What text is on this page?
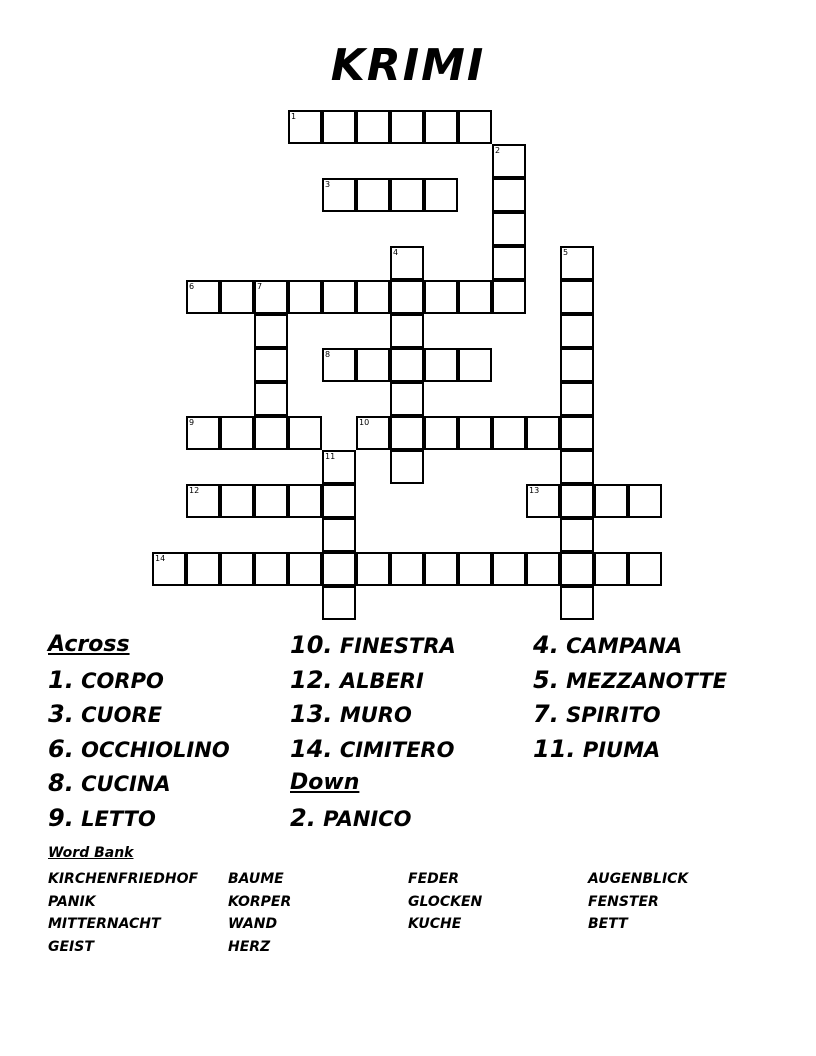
KRIMI
1
2
3
4	5
6	7
8
9	10
11
12	13
14
Across
1. CORPO
3. CUORE
6. OCCHIOLINO
8. CUCINA
9. LETTO
10. FINESTRA
12. ALBERI
13. MURO
14. CIMITERO
Down
2. PANICO
4. CAMPANA
5. MEZZANOTTE
7. SPIRITO
11. PIUMA
Word Bank
KIRCHENFRIEDHOF
PANIK
MITTERNACHT
GEIST
BAUME
KORPER
WAND
HERZ
FEDER
GLOCKEN
KUCHE
AUGENBLICK
FENSTER
BETT
